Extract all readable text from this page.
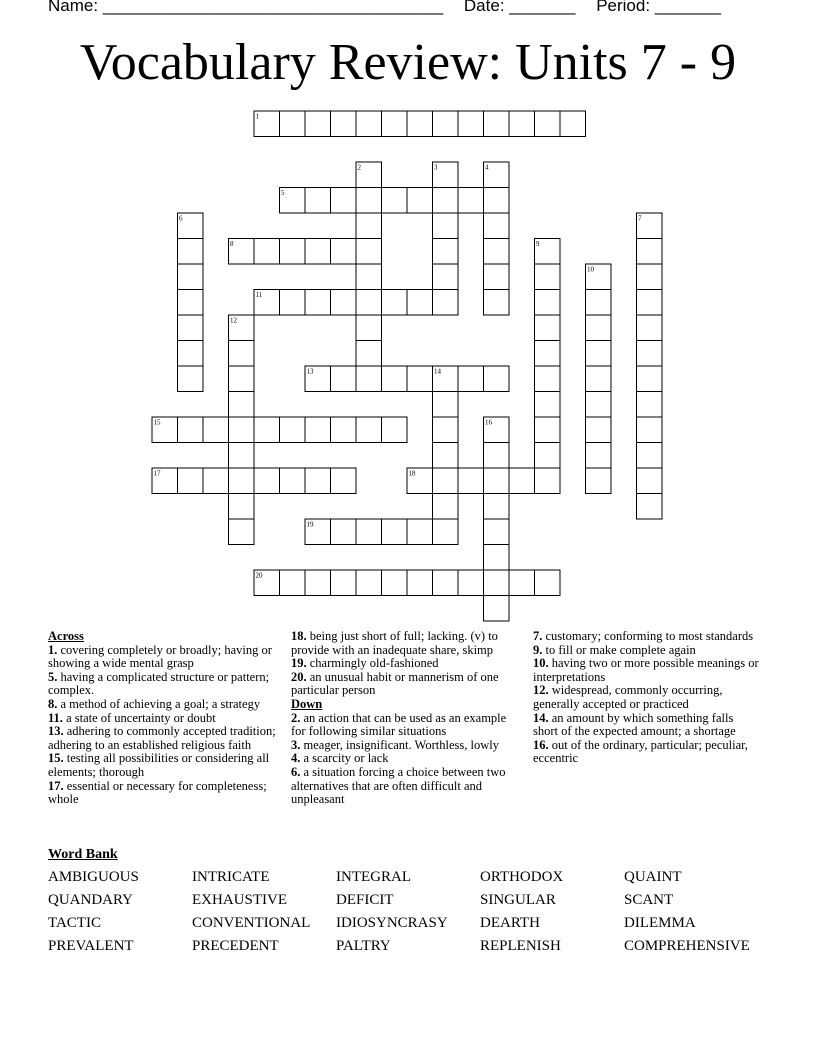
Name: ____________________________________ Date: _______ Period: _______
Vocabulary Review: Units 7 - 9
1
5
8
11
13	14
15
17	18
19
20
2	3	4
6	7
9
10
12
16
Across

1. covering completely or broadly; having or showing a wide mental grasp

5. having a complicated structure or pattern; complex.

8. a method of achieving a goal; a strategy

11. a state of uncertainty or doubt

13. adhering to commonly accepted tradition; adhering to an established religious faith

15. testing all possibilities or considering all elements; thorough

17. essential or necessary for completeness; whole

18. being just short of full; lacking. (v) to provide with an inadequate share, skimp

19. charmingly old-fashioned

20. an unusual habit or mannerism of one particular person

Down

2. an action that can be used as an example for following similar situations

3. meager, insignificant. Worthless, lowly

4. a scarcity or lack

6. a situation forcing a choice between two alternatives that are often difficult and unpleasant

7. customary; conforming to most standards

9. to fill or make complete again

10. having two or more possible meanings or interpretations

12. widespread, commonly occurring, generally accepted or practiced

14. an amount by which something falls short of the expected amount; a shortage

16. out of the ordinary, particular; peculiar, eccentric

Word Bank
AMBIGUOUS	INTRICATE	INTEGRAL	ORTHODOX	QUAINT
QUANDARY	EXHAUSTIVE	DEFICIT	SINGULAR	SCANT
TACTIC	CONVENTIONAL	IDIOSYNCRASY	DEARTH	DILEMMA
PREVALENT	PRECEDENT	PALTRY	REPLENISH	COMPREHENSIVE
